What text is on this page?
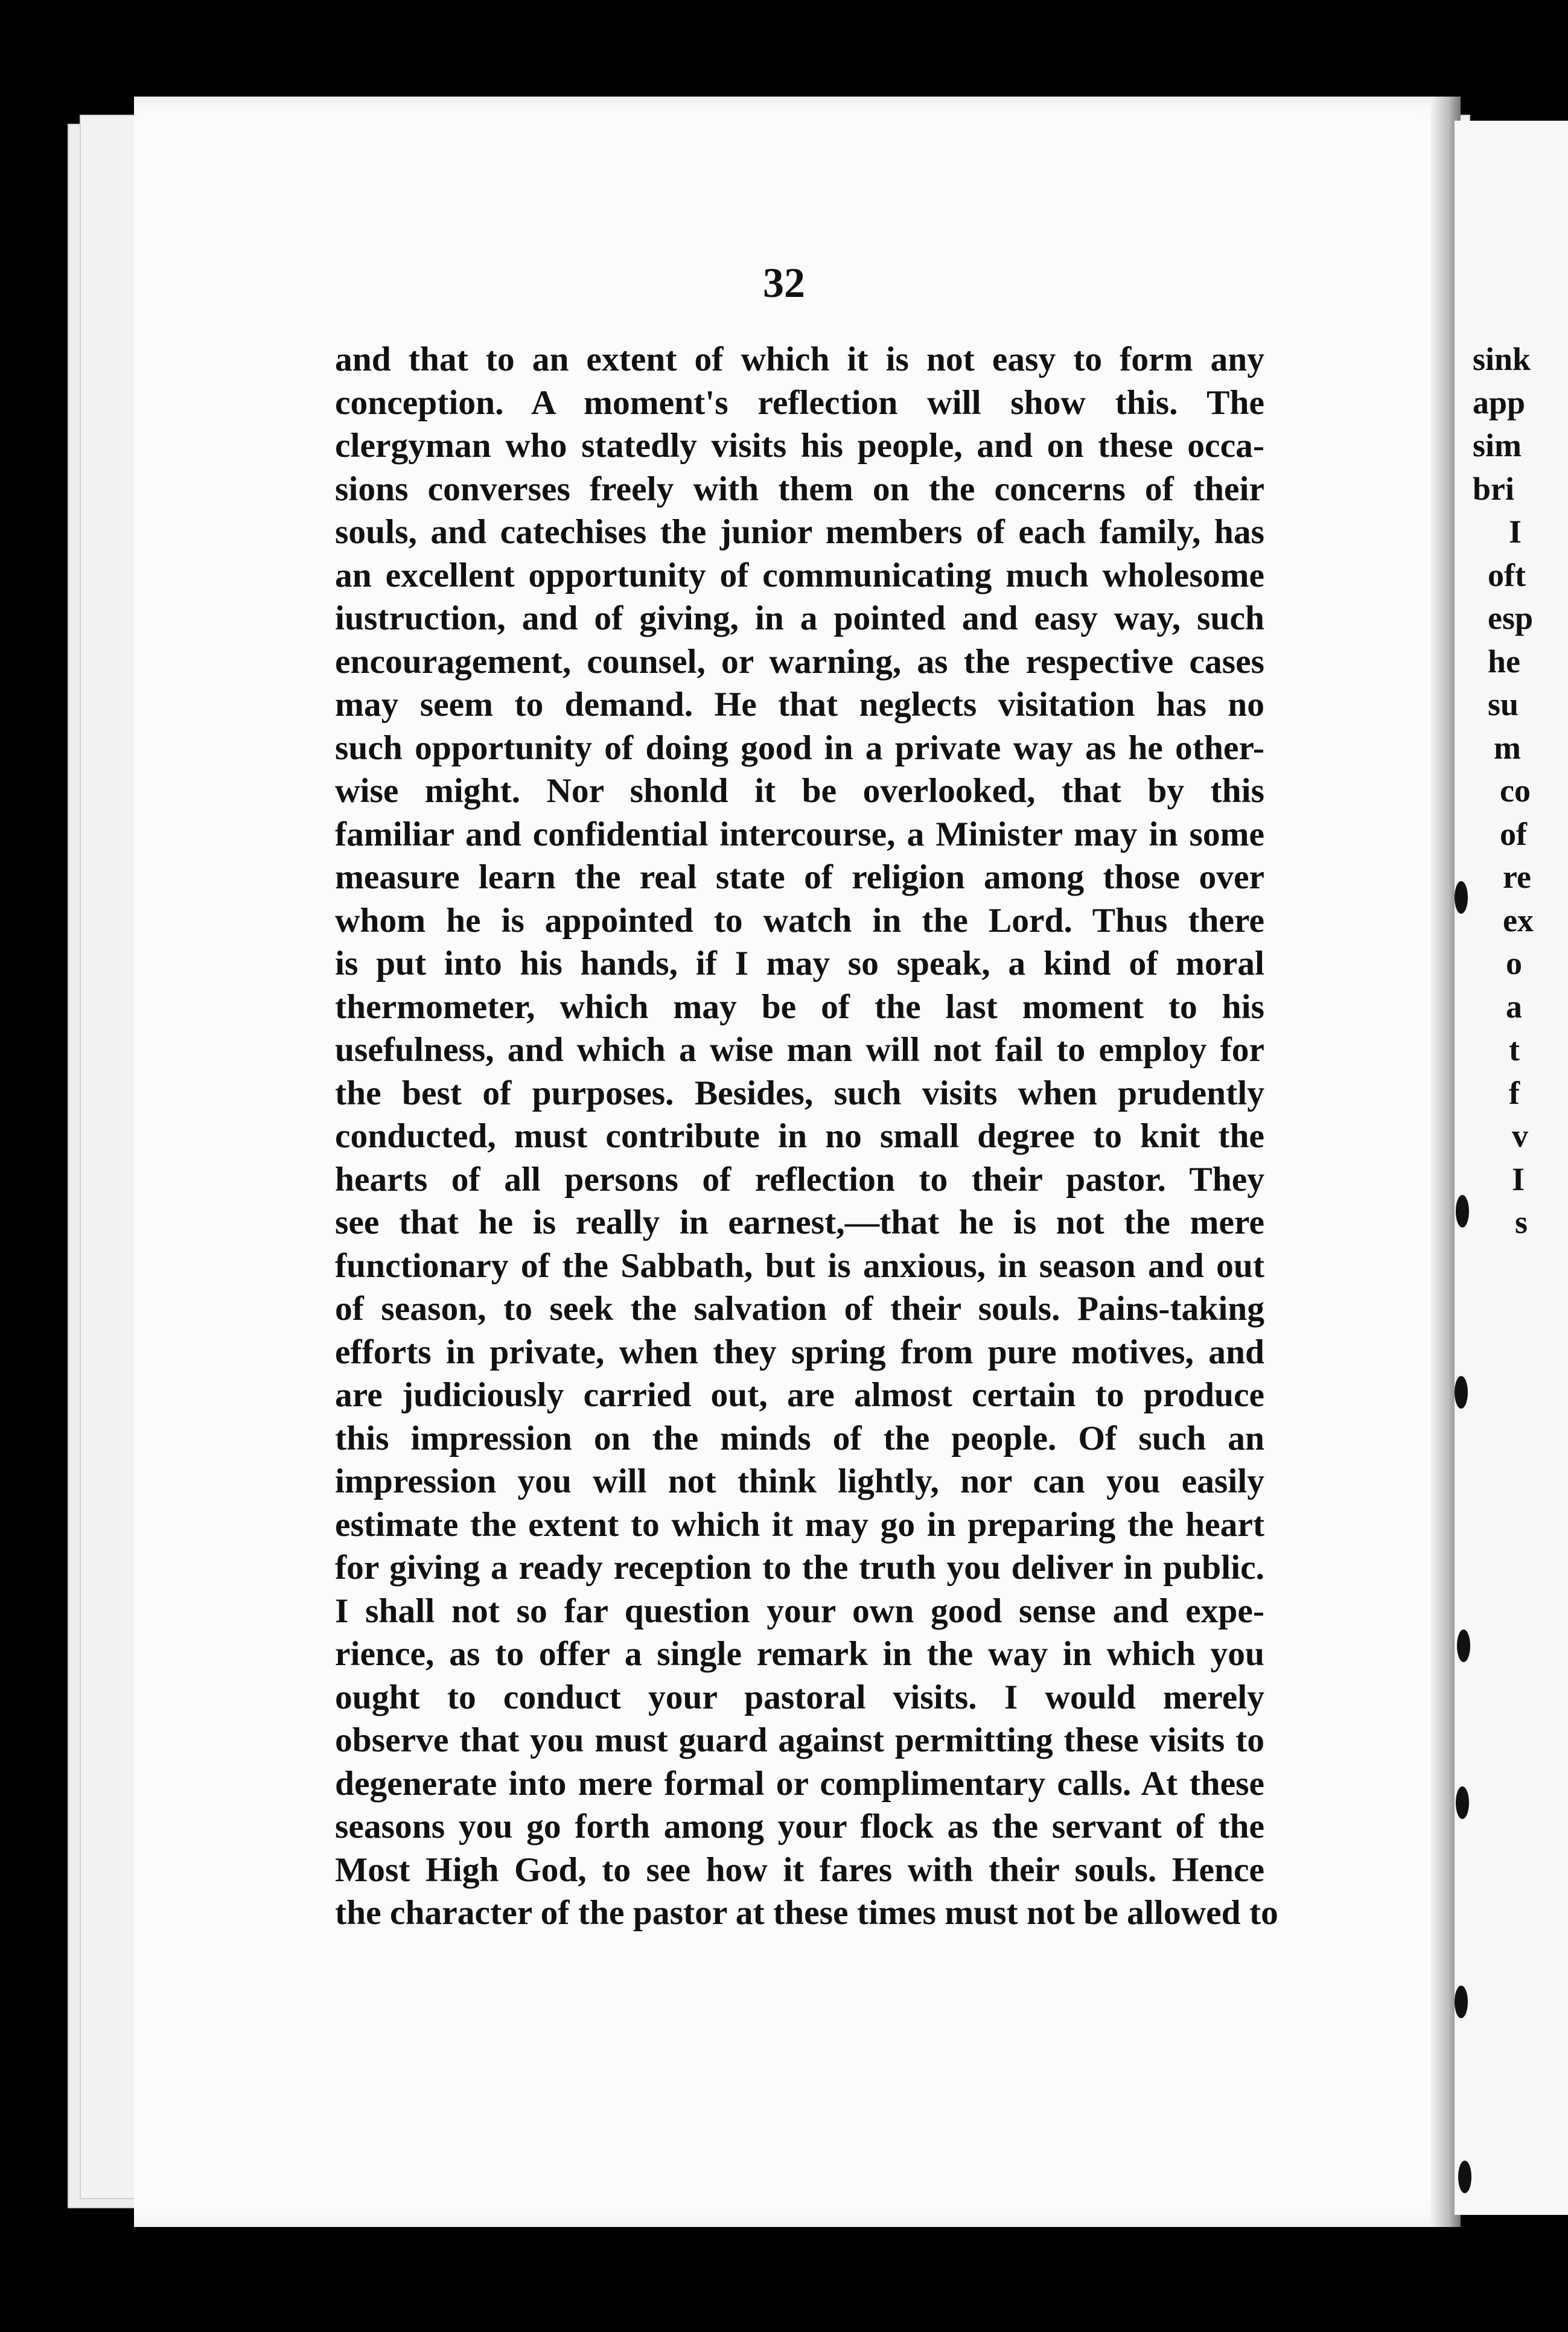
sink
app
sim
bri
I
oft
esp
he
su
m
co
of
re
ex
o
a
t
f
v
I
s
32
and that to an extent of which it is not easy to form any
conception. A moment's reflection will show this. The
clergyman who statedly visits his people, and on these occa-
sions converses freely with them on the concerns of their
souls, and catechises the junior members of each family, has
an excellent opportunity of communicating much wholesome
iustruction, and of giving, in a pointed and easy way, such
encouragement, counsel, or warning, as the respective cases
may seem to demand. He that neglects visitation has no
such opportunity of doing good in a private way as he other-
wise might. Nor shonld it be overlooked, that by this
familiar and confidential intercourse, a Minister may in some
measure learn the real state of religion among those over
whom he is appointed to watch in the Lord. Thus there
is put into his hands, if I may so speak, a kind of moral
thermometer, which may be of the last moment to his
usefulness, and which a wise man will not fail to employ for
the best of purposes. Besides, such visits when prudently
conducted, must contribute in no small degree to knit the
hearts of all persons of reflection to their pastor. They
see that he is really in earnest,—that he is not the mere
functionary of the Sabbath, but is anxious, in season and out
of season, to seek the salvation of their souls. Pains-taking
efforts in private, when they spring from pure motives, and
are judiciously carried out, are almost certain to produce
this impression on the minds of the people. Of such an
impression you will not think lightly, nor can you easily
estimate the extent to which it may go in preparing the heart
for giving a ready reception to the truth you deliver in public.
I shall not so far question your own good sense and expe-
rience, as to offer a single remark in the way in which you
ought to conduct your pastoral visits. I would merely
observe that you must guard against permitting these visits to
degenerate into mere formal or complimentary calls. At these
seasons you go forth among your flock as the servant of the
Most High God, to see how it fares with their souls. Hence
the character of the pastor at these times must not be allowed to
